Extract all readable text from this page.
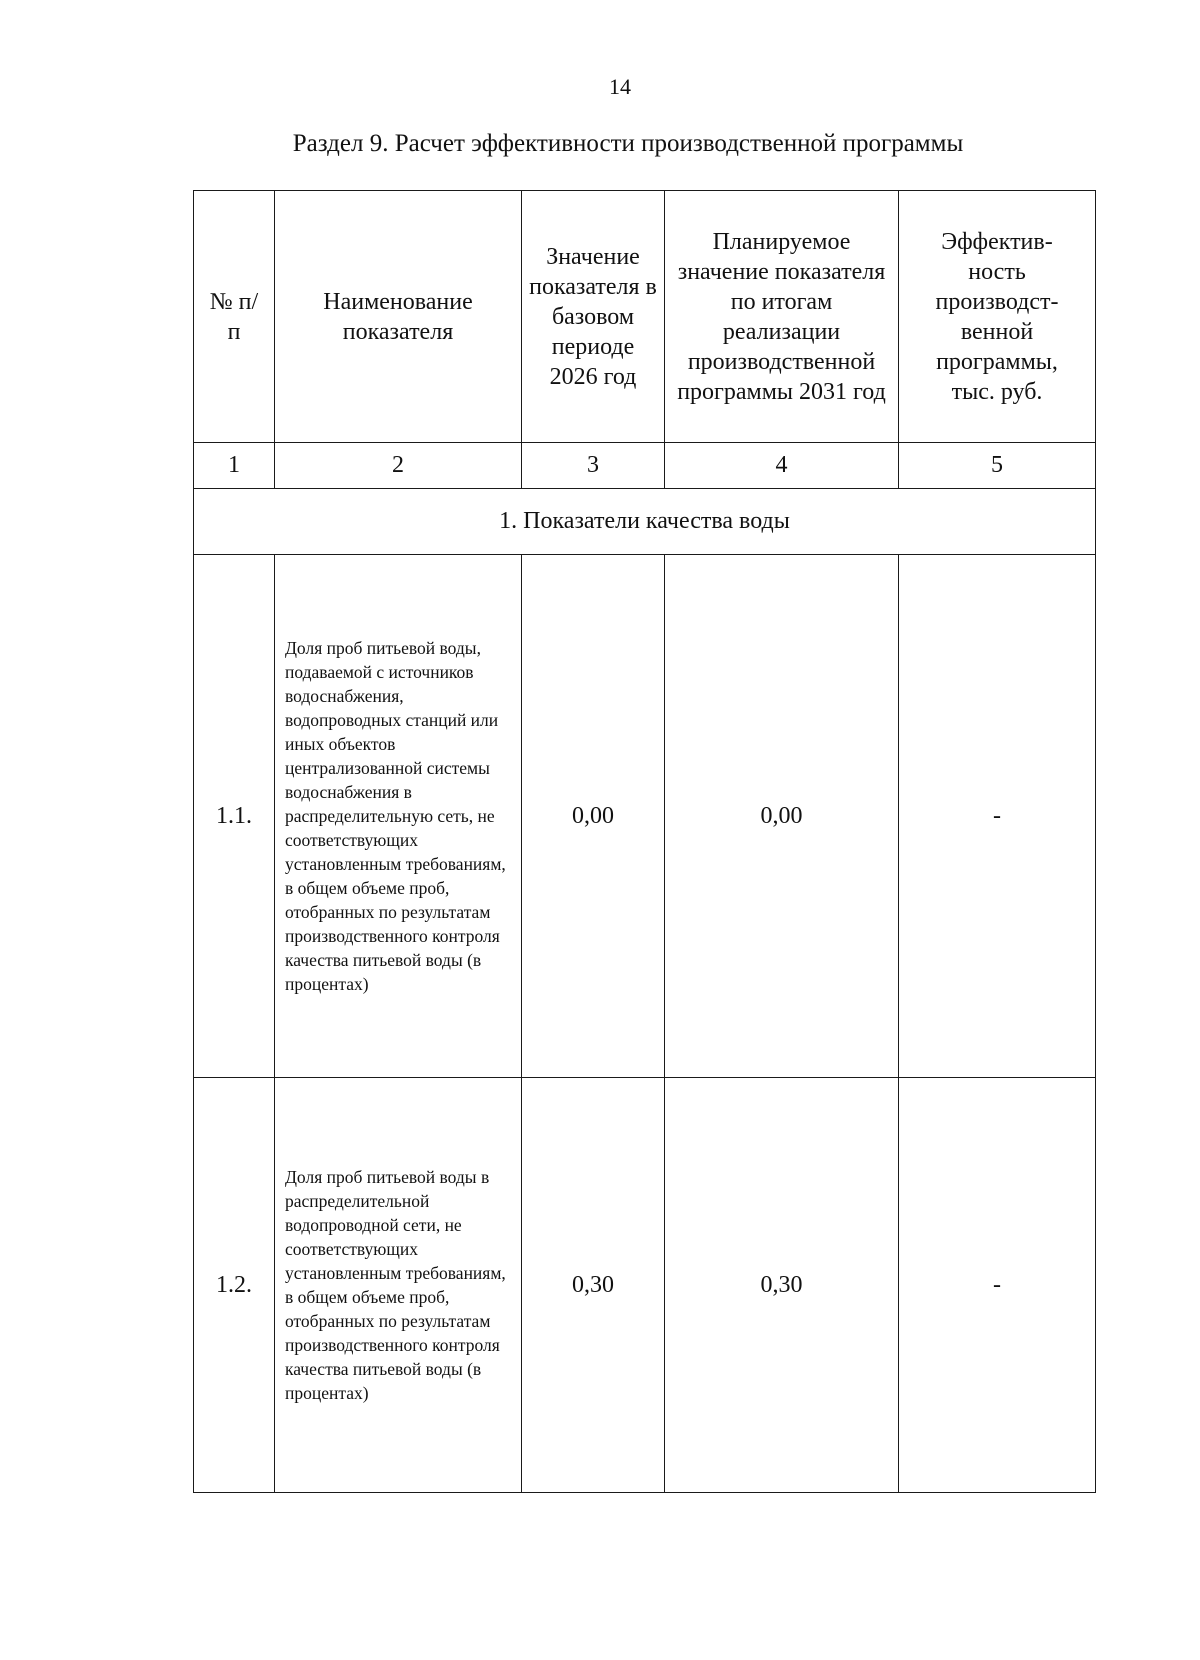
14
Раздел 9. Расчет эффективности производственной программы
№ п/п	Наименование показателя	Значение показателя в базовом периоде 2026 год	Планируемое значение показателя по итогам реализации производственной программы 2031 год	Эффектив-ность производст-венной программы, тыс. руб.
1	2	3	4	5
1. Показатели качества воды				
1.1.	Доля проб питьевой воды, подаваемой с источников водоснабжения, водопроводных станций или иных объектов централизованной системы водоснабжения в распределительную сеть, не соответствующих установленным требованиям, в общем объеме проб, отобранных по результатам производственного контроля качества питьевой воды (в процентах)	0,00	0,00	-
1.2.	Доля проб питьевой воды в распределительной водопроводной сети, не соответствующих установленным требованиям, в общем объеме проб, отобранных по результатам производственного контроля качества питьевой воды (в процентах)	0,30	0,30	-
